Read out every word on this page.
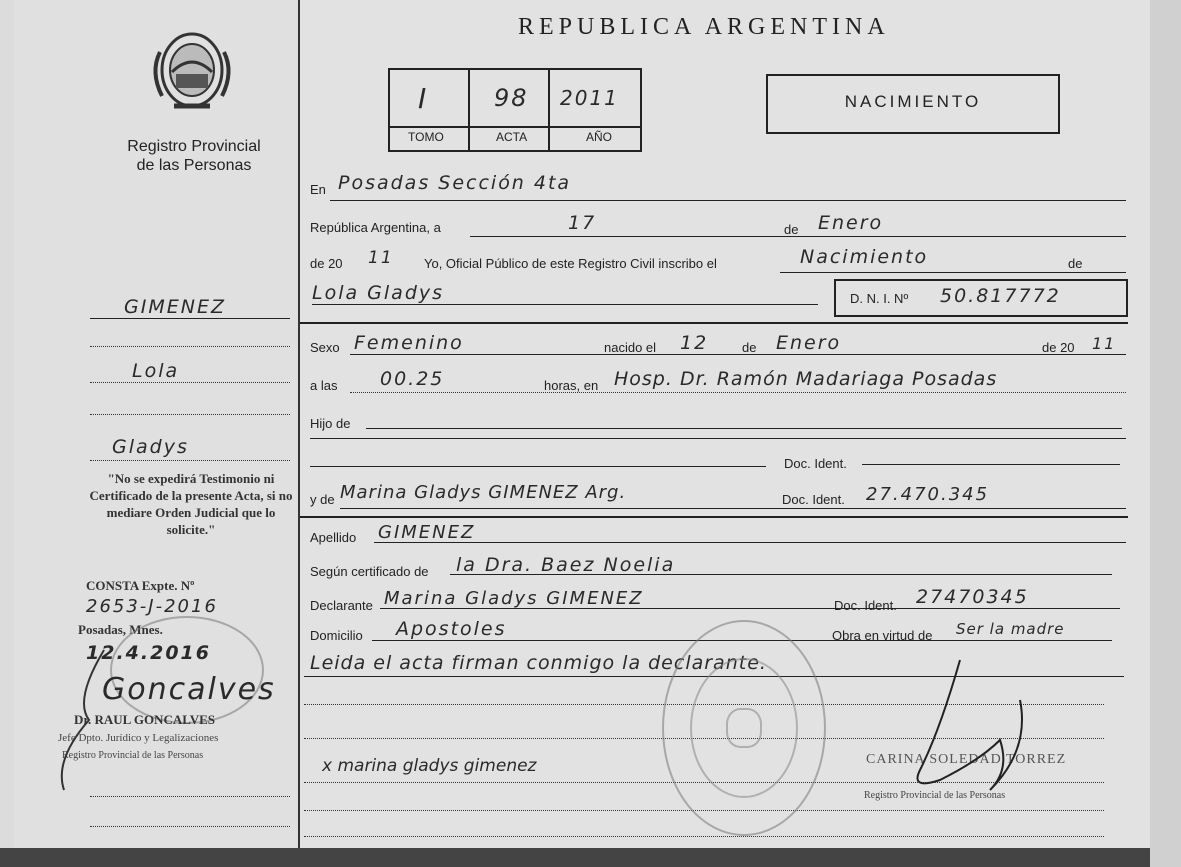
Registro Provincial
de las Personas
GIMENEZ
Lola
Gladys
"No se expedirá Testimonio ni Certificado de la presente Acta, si no mediare Orden Judicial que lo solicite."
CONSTA Expte. Nº
2653-J-2016
Posadas, Mnes.
12.4.2016
Goncalves
Dr. RAUL GONCALVES
Jefe Dpto. Jurídico y Legalizaciones
Registro Provincial de las Personas
REPUBLICA ARGENTINA
I	98 2011
TOMO	ACTA	AÑO
NACIMIENTO
En Posadas Sección 4ta
República Argentina, a	17	de Enero
de 20 11 Yo, Oficial Público de este Registro Civil inscribo el	Nacimiento	de
Lola Gladys	D. N. I. Nº 50.817772
Sexo Femenino	nacido el 12	de Enero	de 20 11
a las 00.25	horas, en Hosp. Dr. Ramón Madariaga Posadas
Hijo de
Doc. Ident.
y de Marina Gladys GIMENEZ Arg.	Doc. Ident. 27.470.345
Apellido GIMENEZ
Según certificado de la Dra. Baez Noelia
Declarante Marina Gladys GIMENEZ	Doc. Ident. 27470345
Domicilio Apostoles	Obra en virtud de Ser la madre
Leida el acta firman conmigo la declarante.
x marina gladys gimenez	CARINA SOLEDAD TORREZ
Registro Provincial de las Personas
